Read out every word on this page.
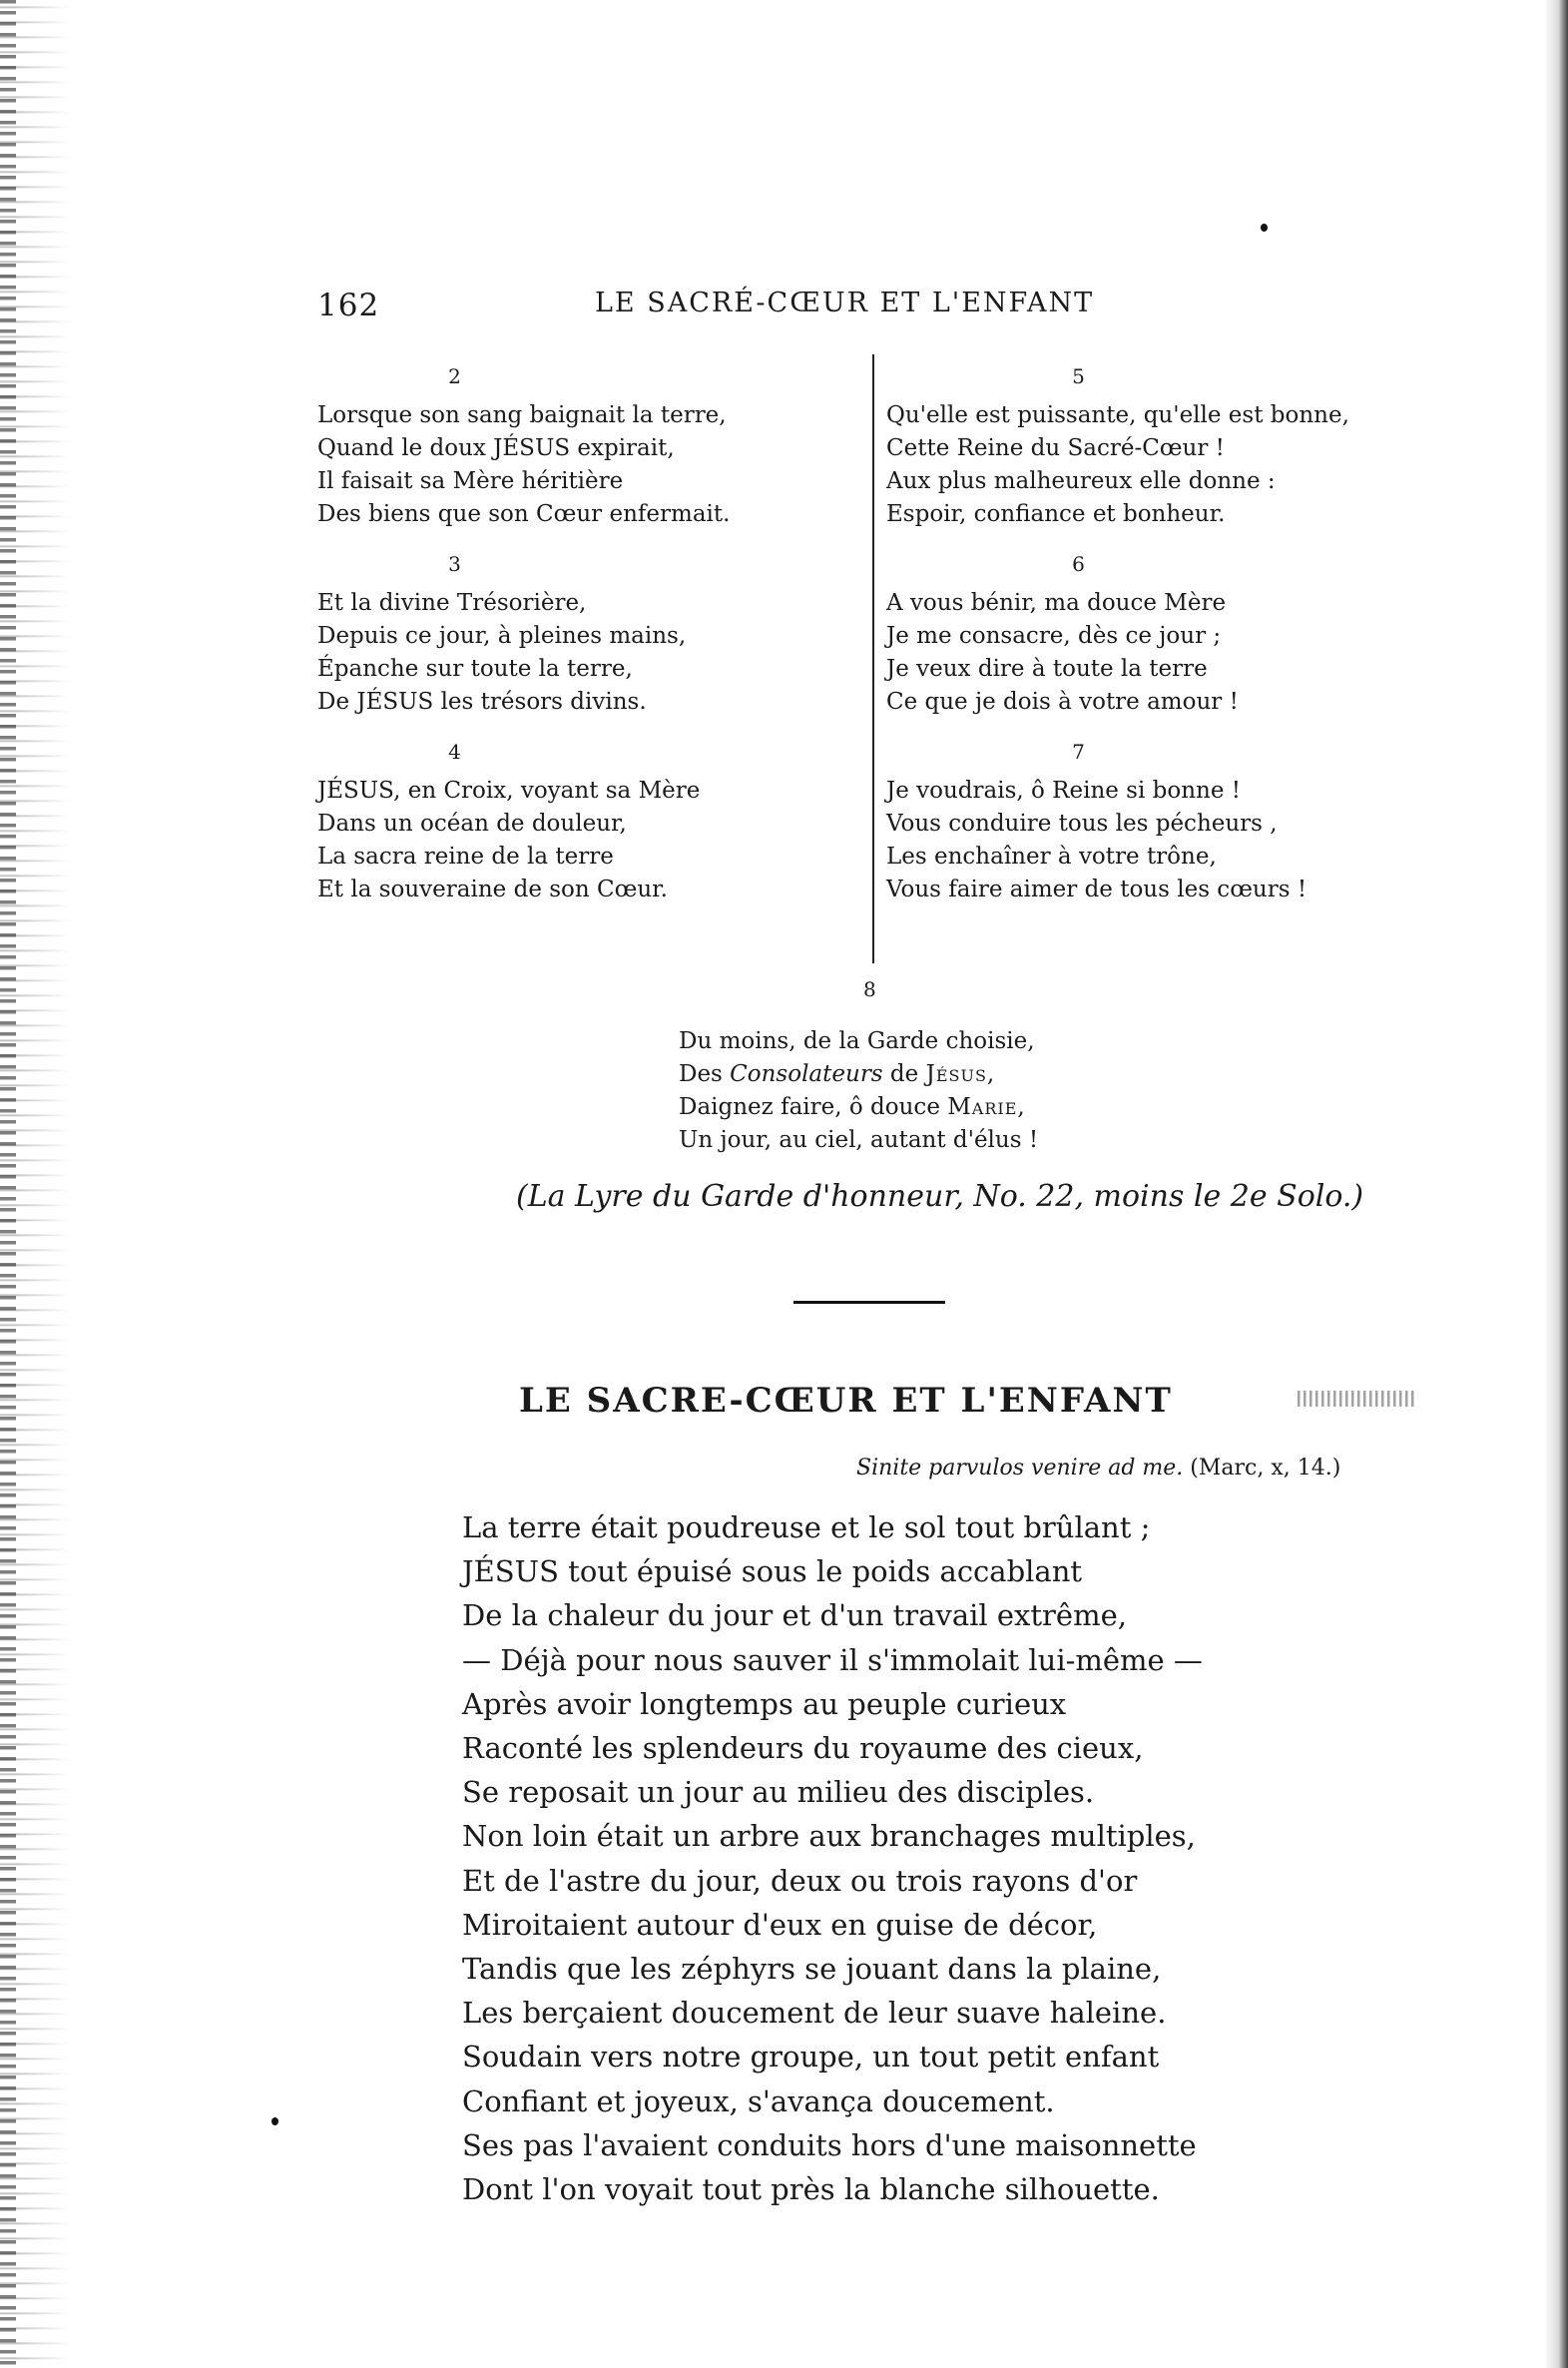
162	LE SACRÉ-CŒUR ET L'ENFANT
2
Lorsque son sang baignait la terre,
Quand le doux JÉSUS expirait,
Il faisait sa Mère héritière
Des biens que son Cœur enfermait.
3
Et la divine Trésorière,
Depuis ce jour, à pleines mains,
Épanche sur toute la terre,
De JÉSUS les trésors divins.
4
JÉSUS, en Croix, voyant sa Mère
Dans un océan de douleur,
La sacra reine de la terre
Et la souveraine de son Cœur.
5
Qu'elle est puissante, qu'elle est bonne,
Cette Reine du Sacré-Cœur !
Aux plus malheureux elle donne :
Espoir, confiance et bonheur.
6
A vous bénir, ma douce Mère
Je me consacre, dès ce jour ;
Je veux dire à toute la terre
Ce que je dois à votre amour !
7
Je voudrais, ô Reine si bonne !
Vous conduire tous les pécheurs ,
Les enchaîner à votre trône,
Vous faire aimer de tous les cœurs !
8
Du moins, de la Garde choisie,
Des Consolateurs de Jésus,
Daignez faire, ô douce Marie,
Un jour, au ciel, autant d'élus !
(La Lyre du Garde d'honneur, No. 22, moins le 2e Solo.)
LE SACRE-CŒUR ET L'ENFANT
Sinite parvulos venire ad me. (Marc, x, 14.)
La terre était poudreuse et le sol tout brûlant ;
JÉSUS tout épuisé sous le poids accablant
De la chaleur du jour et d'un travail extrême,
— Déjà pour nous sauver il s'immolait lui-même —
Après avoir longtemps au peuple curieux
Raconté les splendeurs du royaume des cieux,
Se reposait un jour au milieu des disciples.
Non loin était un arbre aux branchages multiples,
Et de l'astre du jour, deux ou trois rayons d'or
Miroitaient autour d'eux en guise de décor,
Tandis que les zéphyrs se jouant dans la plaine,
Les berçaient doucement de leur suave haleine.
Soudain vers notre groupe, un tout petit enfant
Confiant et joyeux, s'avança doucement.
Ses pas l'avaient conduits hors d'une maisonnette
Dont l'on voyait tout près la blanche silhouette.
